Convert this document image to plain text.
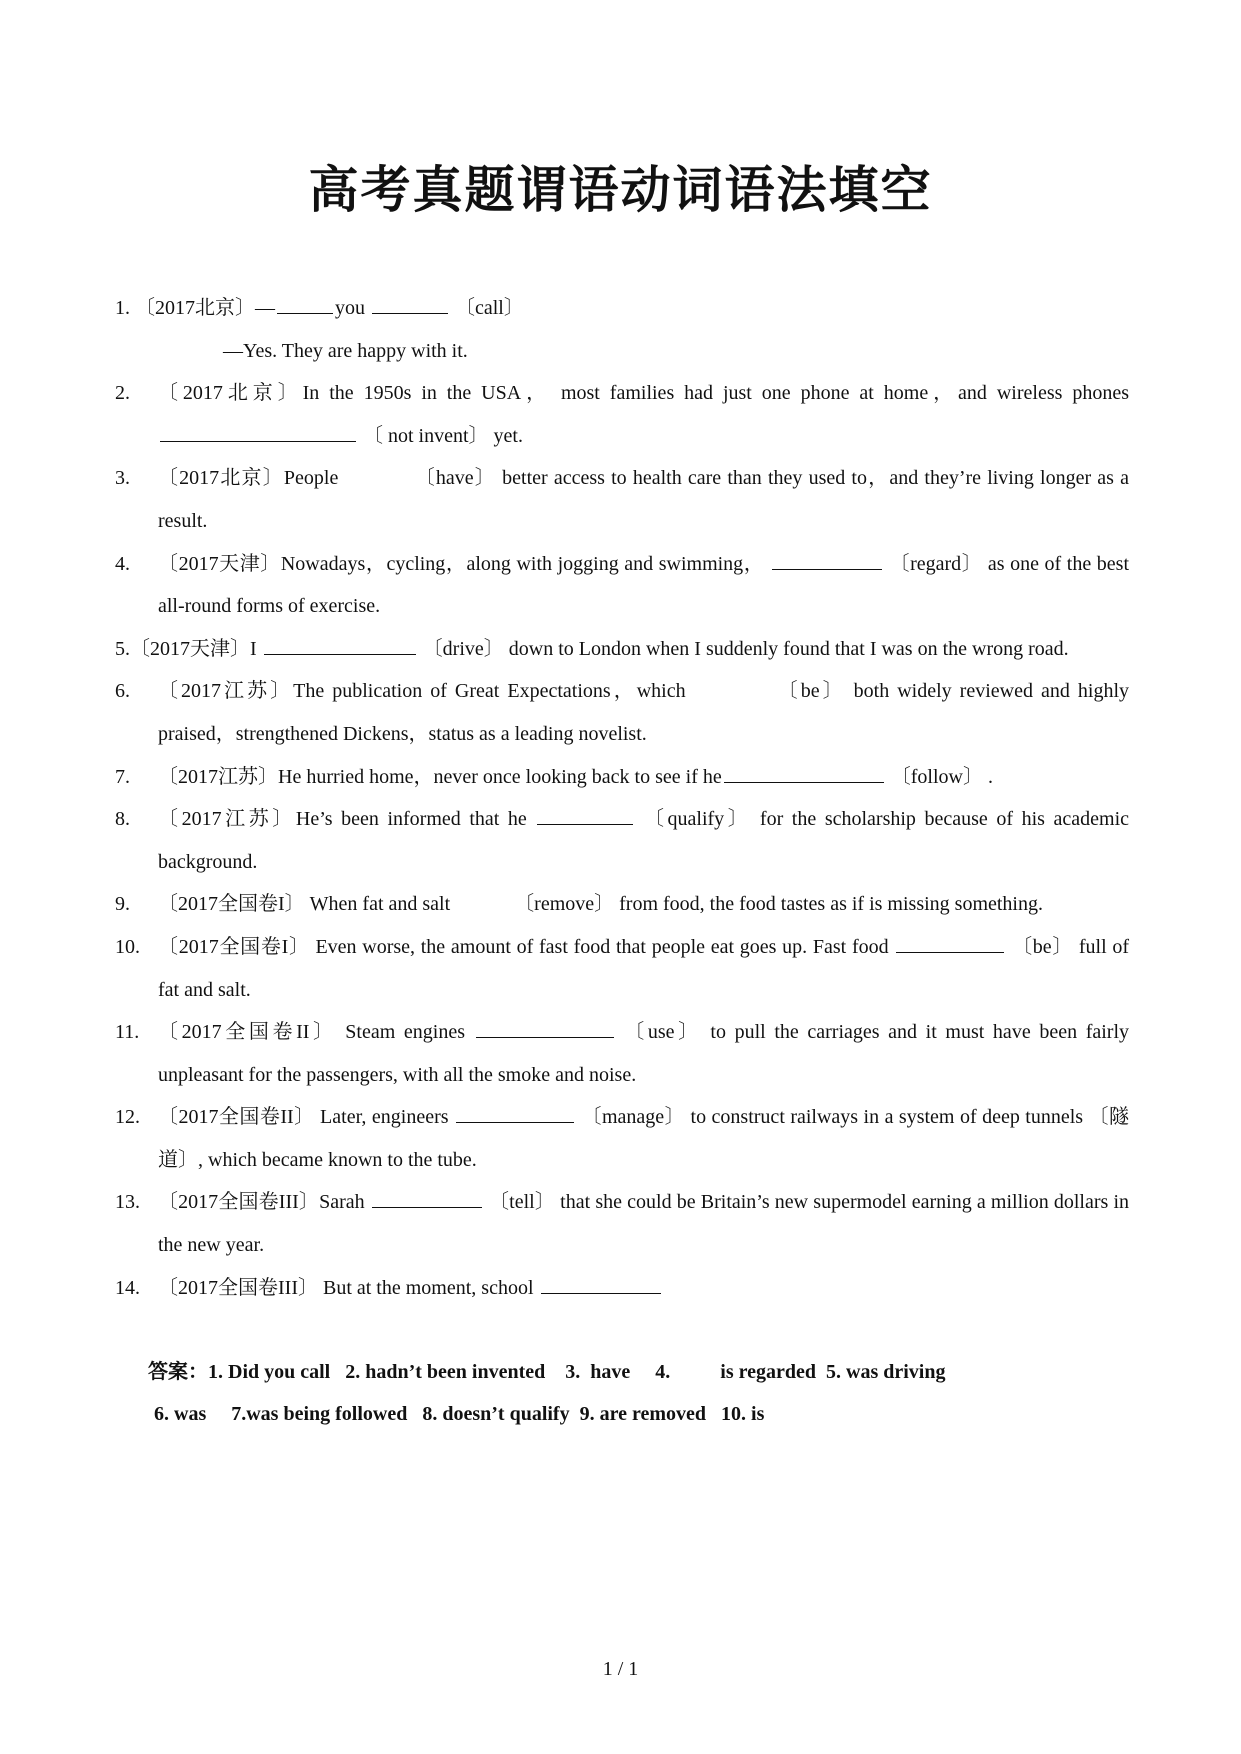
高考真题谓语动词语法填空
1. 〔2017北京〕—	you	〔call〕
—Yes. They are happy with it.
2. 〔2017北京〕In the 1950s in the USA， most families had just one phone at home，and wireless phones  〔 not invent〕 yet.
3. 〔2017北京〕People	〔have〕 better access to health care than they used to，and they’re living longer as a result.
4. 〔2017天津〕Nowadays，cycling，along with jogging and swimming，	〔regard〕 as one of the best all-round forms of exercise.
5.〔2017天津〕I	〔drive〕 down to London when I suddenly found that I was on the wrong road.
6. 〔2017江苏〕The publication of Great Expectations，which	〔be〕 both widely reviewed and highly praised，strengthened Dickens，status as a leading novelist.
7. 〔2017江苏〕He hurried home，never once looking back to see if he	〔follow〕 .
8. 〔2017江苏〕He’s been informed that he	〔qualify〕 for the scholarship because of his academic background.
9. 〔2017全国卷I〕 When fat and salt	〔remove〕 from food, the food tastes as if is missing something.
10. 〔2017全国卷I〕 Even worse, the amount of fast food that people eat goes up. Fast food	〔be〕 full of fat and salt.
11. 〔2017全国卷II〕 Steam engines	〔use〕 to pull the carriages and it must have been fairly unpleasant for the passengers, with all the smoke and noise.
12. 〔2017全国卷II〕 Later, engineers	〔manage〕 to construct railways in a system of deep tunnels 〔隧道〕, which became known to the tube.
13. 〔2017全国卷III〕Sarah	〔tell〕 that she could be Britain’s new supermodel earning a million dollars in the new year.
14. 〔2017全国卷III〕 But at the moment, school
答案：1. Did you call   2. hadn’t been invented    3.  have     4.          is regarded  5. was driving
6. was     7.was being followed   8. doesn’t qualify  9. are removed   10. is
1 / 1
